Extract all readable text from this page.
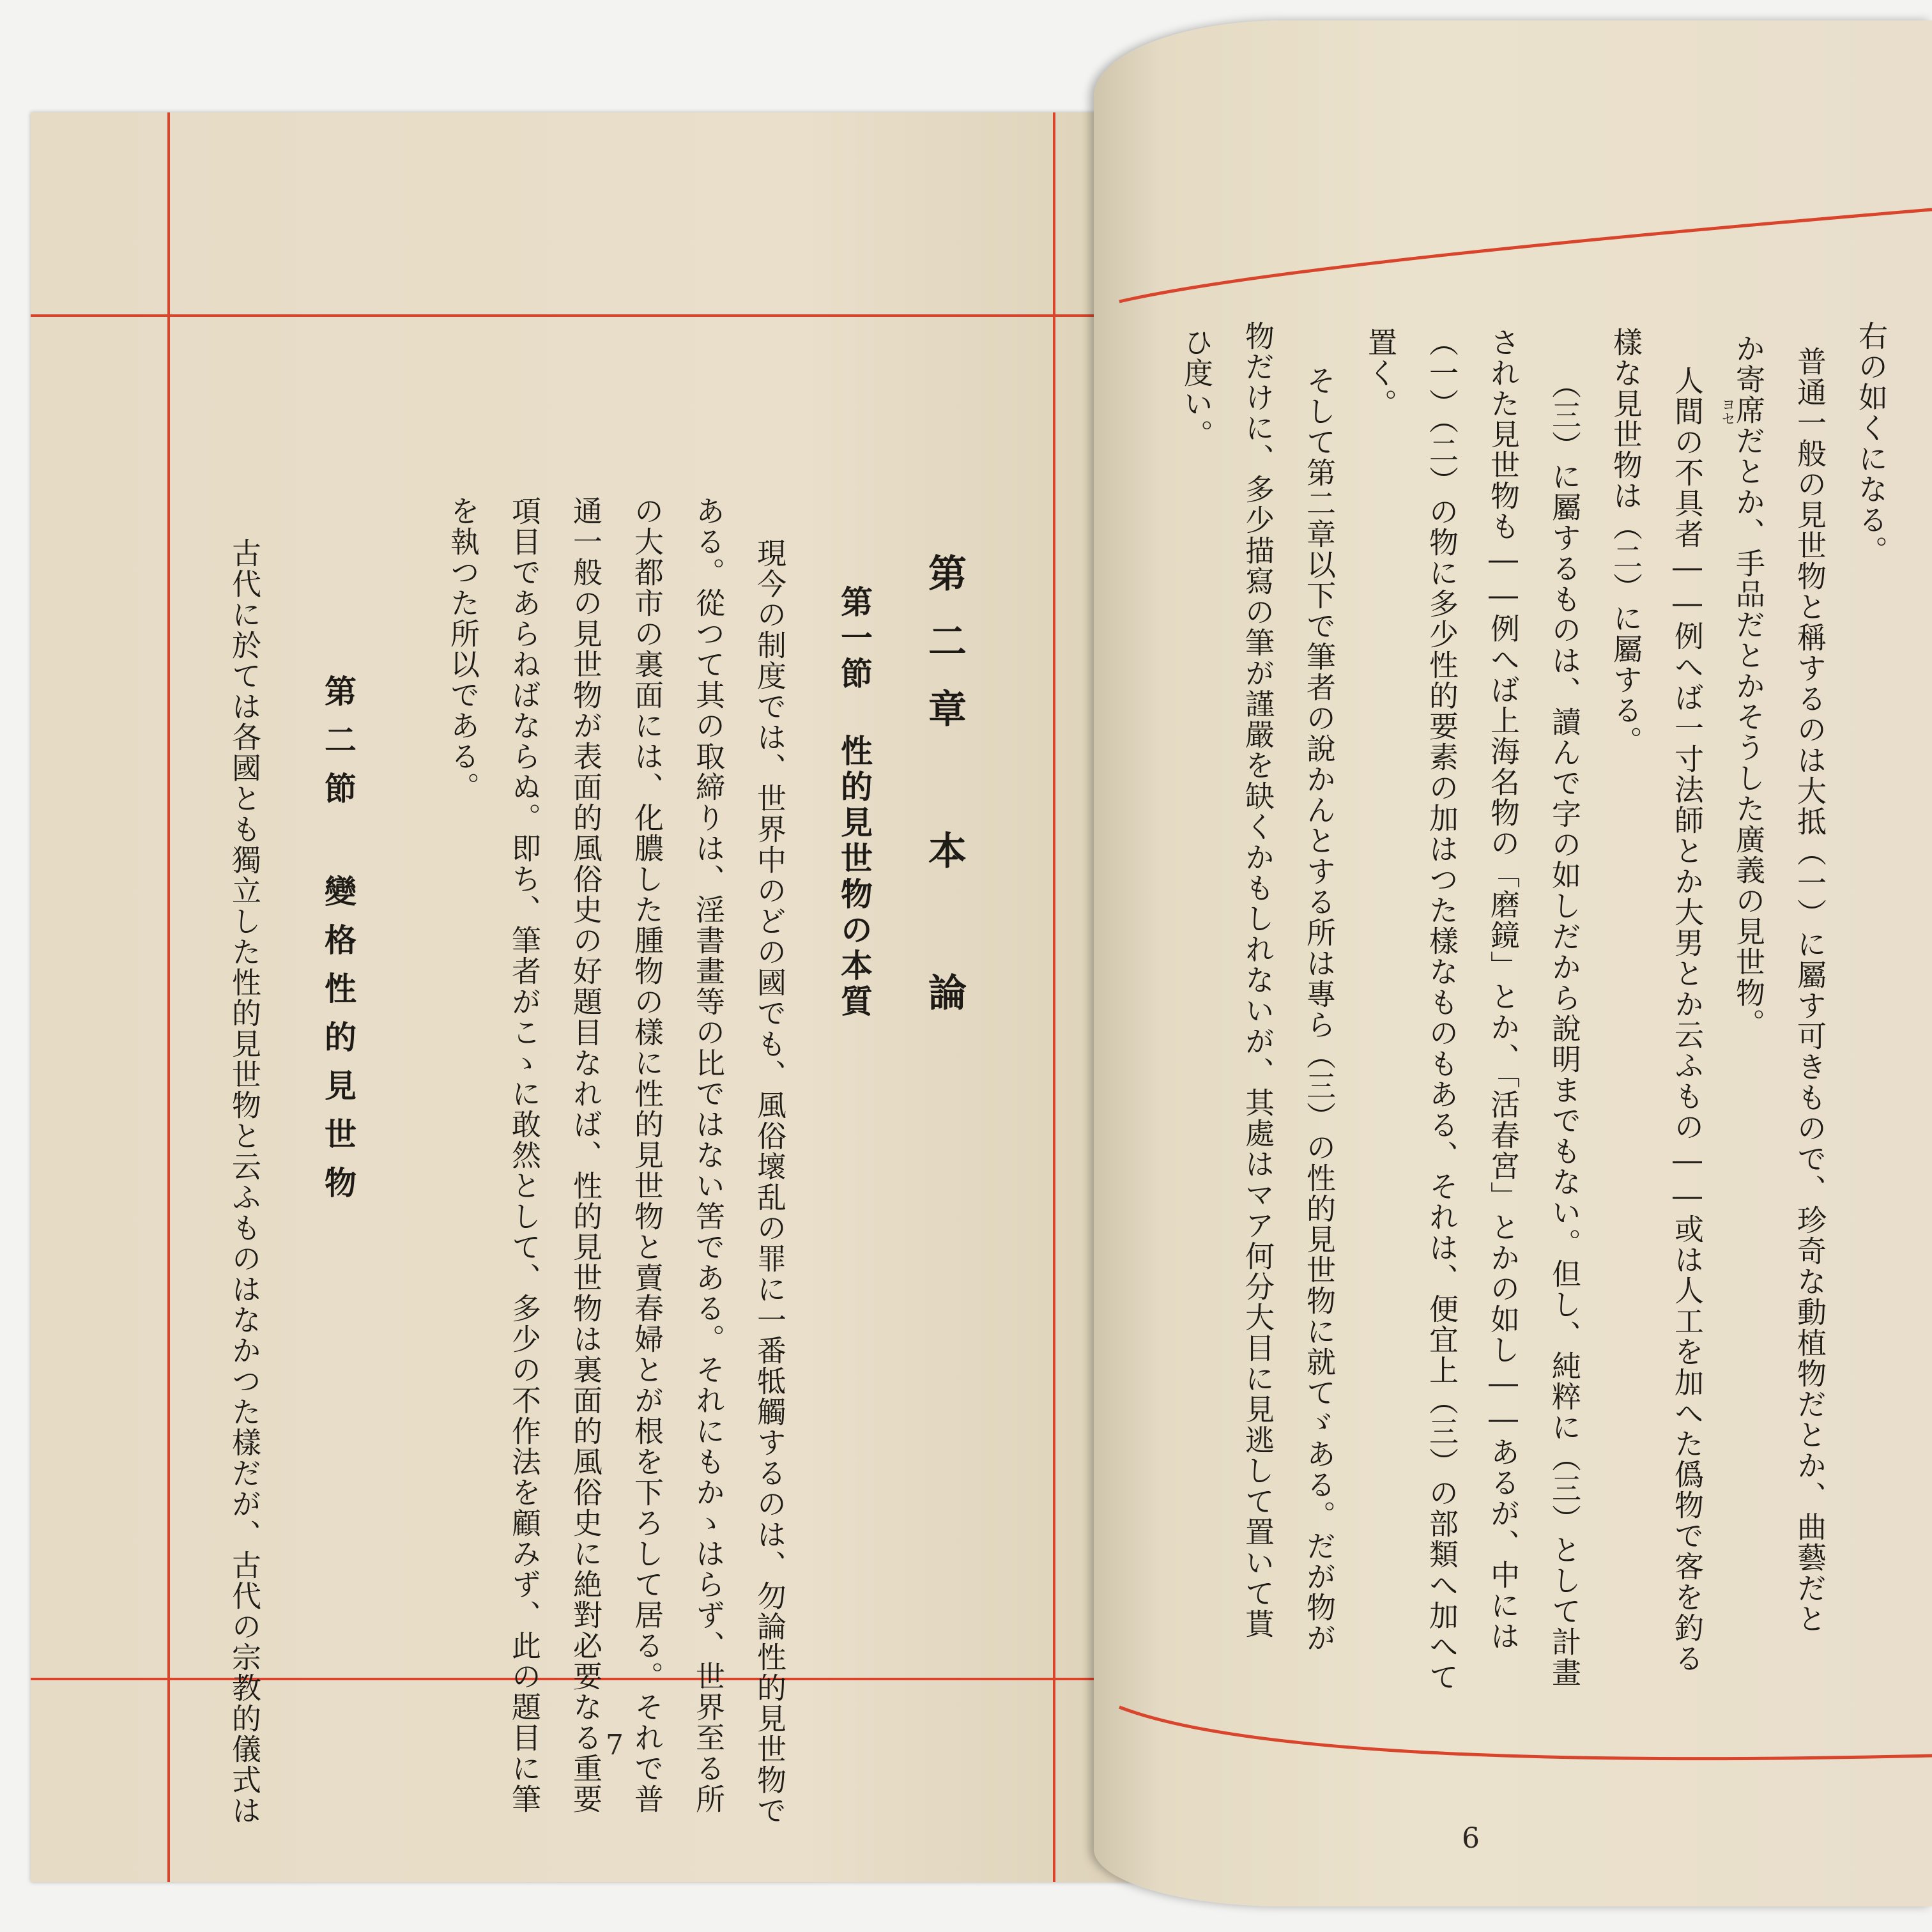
第二章 本 論
第一節 性的見世物の本質
現今の制度では、世界中のどの國でも、風俗壞乱の罪に一番牴觸するのは、勿論性的見世物で
ある。從つて其の取締りは、淫書畫等の比ではない筈である。それにもかゝはらず、世界至る所
の大都市の裏面には、化膿した腫物の樣に性的見世物と賣春婦とが根を下ろして居る。それで普
通一般の見世物が表面的風俗史の好題目なれば、性的見世物は裏面的風俗史に絶對必要なる重要
項目であらねばならぬ。即ち、筆者がこゝに敢然として、多少の不作法を顧みず、此の題目に筆
を執つた所以である。
第二節 變格性的見世物
古代に於ては各國とも獨立した性的見世物と云ふものはなかつた樣だが、古代の宗教的儀式は	7
右の如くになる。
普通一般の見世物と稱するのは大抵（一）に屬す可きもので、珍奇な動植物だとか、曲藝だと
か寄席だとか、手品だとかそうした廣義の見世物。
ヨセ
人間の不具者――例へば一寸法師とか大男とか云ふもの――或は人工を加へた僞物で客を釣る
樣な見世物は（二）に屬する。
（三）に屬するものは、讀んで字の如しだから說明までもない。但し、純粹に（三）として計畫
された見世物も――例へば上海名物の「磨鏡」とか、「活春宮」とかの如し――あるが、中には
（一）（二）の物に多少性的要素の加はつた樣なものもある、それは、便宜上（三）の部類へ加へて
置く。
そして第二章以下で筆者の說かんとする所は專ら（三）の性的見世物に就てゞある。だが物が
物だけに、多少描寫の筆が謹嚴を缺くかもしれないが、其處はマア何分大目に見逃して置いて貰
ひ度い。
6
